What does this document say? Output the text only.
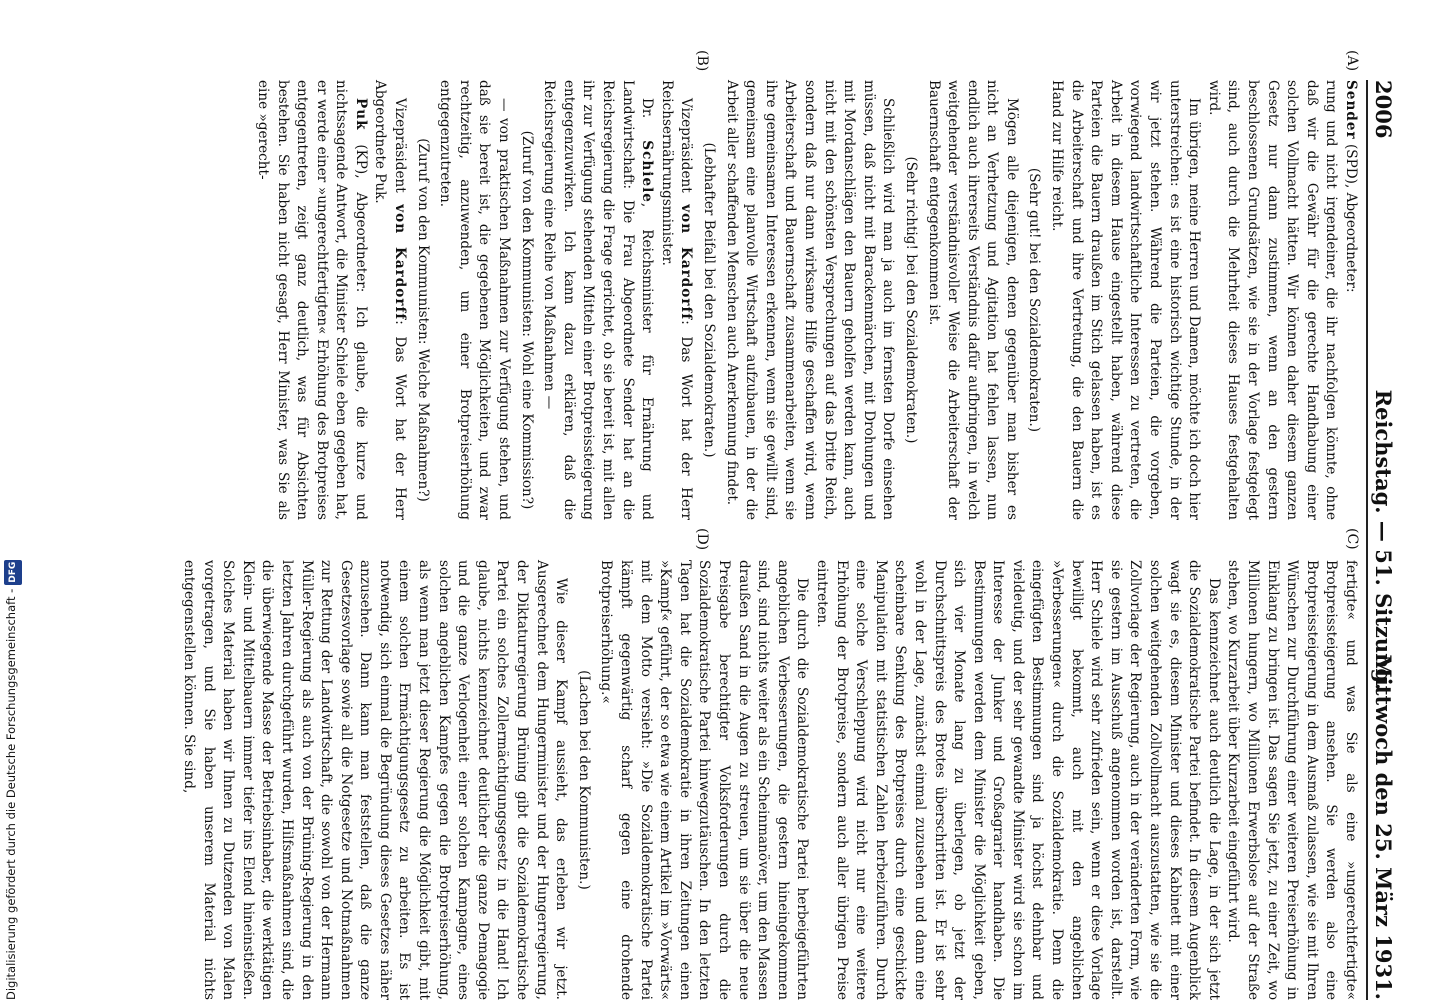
Digitalisierung gefördert durch die Deutsche Forschungsgemeinschaft -DFG
2006
Reichstag. — 51. Sitzung.
Mittwoch den 25. März 1931.
(A)
(B)
(C)
(D)

Sender (SPD), Abgeordneter:

rung und nicht irgendeiner, die ihr nachfolgen könnte, ohne daß wir die Gewähr für die gerechte Handhabung einer solchen Vollmacht hätten. Wir können daher diesem ganzen Gesetz nur dann zustimmen, wenn an den gestern beschlossenen Grundsätzen, wie sie in der Vorlage festgelegt sind, auch durch die Mehrheit dieses Hauses festgehalten wird.

Im übrigen, meine Herren und Damen, möchte ich doch hier unterstreichen: es ist eine historisch wichtige Stunde, in der wir jetzt stehen. Während die Parteien, die vorgeben, vorwiegend landwirtschaftliche Interessen zu vertreten, die Arbeit in diesem Hause eingestellt haben, während diese Parteien die Bauern draußen im Stich gelassen haben, ist es die Arbeiterschaft und ihre Vertretung, die den Bauern die Hand zur Hilfe reicht.

(Sehr gut! bei den Sozialdemokraten.)

Mögen alle diejenigen, denen gegenüber man bisher es nicht an Verhetzung und Agitation hat fehlen lassen, nun endlich auch ihrerseits Verständnis dafür aufbringen, in welch weitgehender verständnisvoller Weise die Arbeiterschaft der Bauernschaft entgegenkommen ist.

(Sehr richtig! bei den Sozialdemokraten.)

Schließlich wird man ja auch im fernsten Dorfe einsehen müssen, daß nicht mit Barackenmärchen, mit Drohungen und mit Mordanschlägen den Bauern geholfen werden kann, auch nicht mit den schönsten Versprechungen auf das Dritte Reich, sondern daß nur dann wirksame Hilfe geschaffen wird, wenn Arbeiterschaft und Bauernschaft zusammenarbeiten, wenn sie ihre gemeinsamen Interessen erkennen, wenn sie gewillt sind, gemeinsam eine planvolle Wirtschaft aufzubauen, in der die Arbeit aller schaffenden Menschen auch Anerkennung findet.

(Lebhafter Beifall bei den Sozialdemokraten.)

Vizepräsident von Kardorff: Das Wort hat der Herr Reichsernährungsminister.

Dr. Schiele, Reichsminister für Ernährung und Landwirtschaft: Die Frau Abgeordnete Sender hat an die Reichsregierung die Frage gerichtet, ob sie bereit ist, mit allen ihr zur Verfügung stehenden Mitteln einer Brotpreissteigerung entgegenzuwirken. Ich kann dazu erklären, daß die Reichsregierung eine Reihe von Maßnahmen —

(Zuruf von den Kommunisten: Wohl eine Kommission?)

— von praktischen Maßnahmen zur Verfügung stehen, und daß sie bereit ist, die gegebenen Möglichkeiten, und zwar rechtzeitig, anzuwenden, um einer Brotpreiserhöhung entgegenzutreten.

(Zuruf von den Kommunisten: Welche Maßnahmen?)

Vizepräsident von Kardorff: Das Wort hat der Herr Abgeordnete Puk.

Puk (KP), Abgeordneter: Ich glaube, die kurze und nichtssagende Antwort, die Minister Schiele eben gegeben hat, er werde einer »ungerechtfertigten« Erhöhung des Brotpreises entgegentreten, zeigt ganz deutlich, was für Absichten bestehen. Sie haben nicht gesagt, Herr Minister, was Sie als eine »gerecht-

fertigte« und was Sie als eine »ungerechtfertigte« Brotpreissteigerung ansehen. Sie werden also eine Brotpreissteigerung in dem Ausmaß zulassen, wie sie mit Ihren Wünschen zur Durchführung einer weiteren Preiserhöhung in Einklang zu bringen ist. Das sagen Sie jetzt, zu einer Zeit, wo Millionen hungern, wo Millionen Erwerbslose auf der Straße stehen, wo Kurzarbeit über Kurzarbeit eingeführt wird.

Das kennzeichnet auch deutlich die Lage, in der sich jetzt die Sozialdemokratische Partei befindet. In diesem Augenblick wagt sie es, diesem Minister und dieses Kabinett mit einer solchen weitgehenden Zollvollmacht auszustatten, wie sie die Zollvorlage der Regierung, auch in der veränderten Form, wie sie gestern im Ausschuß angenommen worden ist, darstellt. Herr Schiele wird sehr zufrieden sein, wenn er diese Vorlage bewilligt bekommt, auch mit den angeblichen »Verbesserungen« durch die Sozialdemokratie. Denn die eingefügten Bestimmungen sind ja höchst dehnbar und vieldeutig, und der sehr gewandte Minister wird sie schon im Interesse der Junker und Großagrarier handhaben. Die Bestimmungen werden dem Minister die Möglichkeit geben, sich vier Monate lang zu überlegen, ob jetzt der Durchschnittspreis des Brotes überschritten ist. Er ist sehr wohl in der Lage, zunächst einmal zuzusehen und dann eine scheinbare Senkung des Brotpreises durch eine geschickte Manipulation mit statistischen Zahlen herbeizuführen. Durch eine solche Verschleppung wird nicht nur eine weitere Erhöhung der Brotpreise, sondern auch aller übrigen Preise eintreten.

Die durch die Sozialdemokratische Partei herbeigeführten angeblichen Verbesserungen, die gestern hineingekommen sind, sind nichts weiter als ein Scheinmanöver, um den Massen draußen Sand in die Augen zu streuen, um sie über die neue Preisgabe berechtigter Volksforderungen durch die Sozialdemokratische Partei hinwegzutäuschen. In den letzten Tagen hat die Sozialdemokratie in ihren Zeitungen einen »Kampf« geführt, der so etwa wie einem Artikel im »Vorwärts« mit dem Motto versieht: »Die Sozialdemokratische Partei kämpft gegenwärtig scharf gegen eine drohende Brotpreiserhöhung.«

(Lachen bei den Kommunisten.)

Wie dieser Kampf aussieht, das erleben wir jetzt. Ausgerechnet dem Hungerminister und der Hungerregierung, der Diktaturregierung Brüning gibt die Sozialdemokratische Partei ein solches Zollermächtigungsgesetz in die Hand! Ich glaube, nichts kennzeichnet deutlicher die ganze Demagogie und die ganze Verlogenheit einer solchen Kampagne, eines solchen angeblichen Kampfes gegen die Brotpreiserhöhung, als wenn man jetzt dieser Regierung die Möglichkeit gibt, mit einem solchen Ermächtigungsgesetz zu arbeiten. Es ist notwendig, sich einmal die Begründung dieses Gesetzes näher anzusehen. Dann kann man feststellen, daß die ganze Gesetzesvorlage sowie all die Notgesetze und Notmaßnahmen zur Rettung der Landwirtschaft, die sowohl von der Hermann Müller-Regierung als auch von der Brüning-Regierung in den letzten Jahren durchgeführt wurden, Hilfsmaßnahmen sind, die die überwiegende Masse der Betriebsinhaber, die werktätigen Klein- und Mittelbauern immer tiefer ins Elend hineinstießen. Solches Material haben wir Ihnen zu Dutzenden von Malen vorgetragen, und Sie haben unserem Material nichts entgegenstellen können. Sie sind,
